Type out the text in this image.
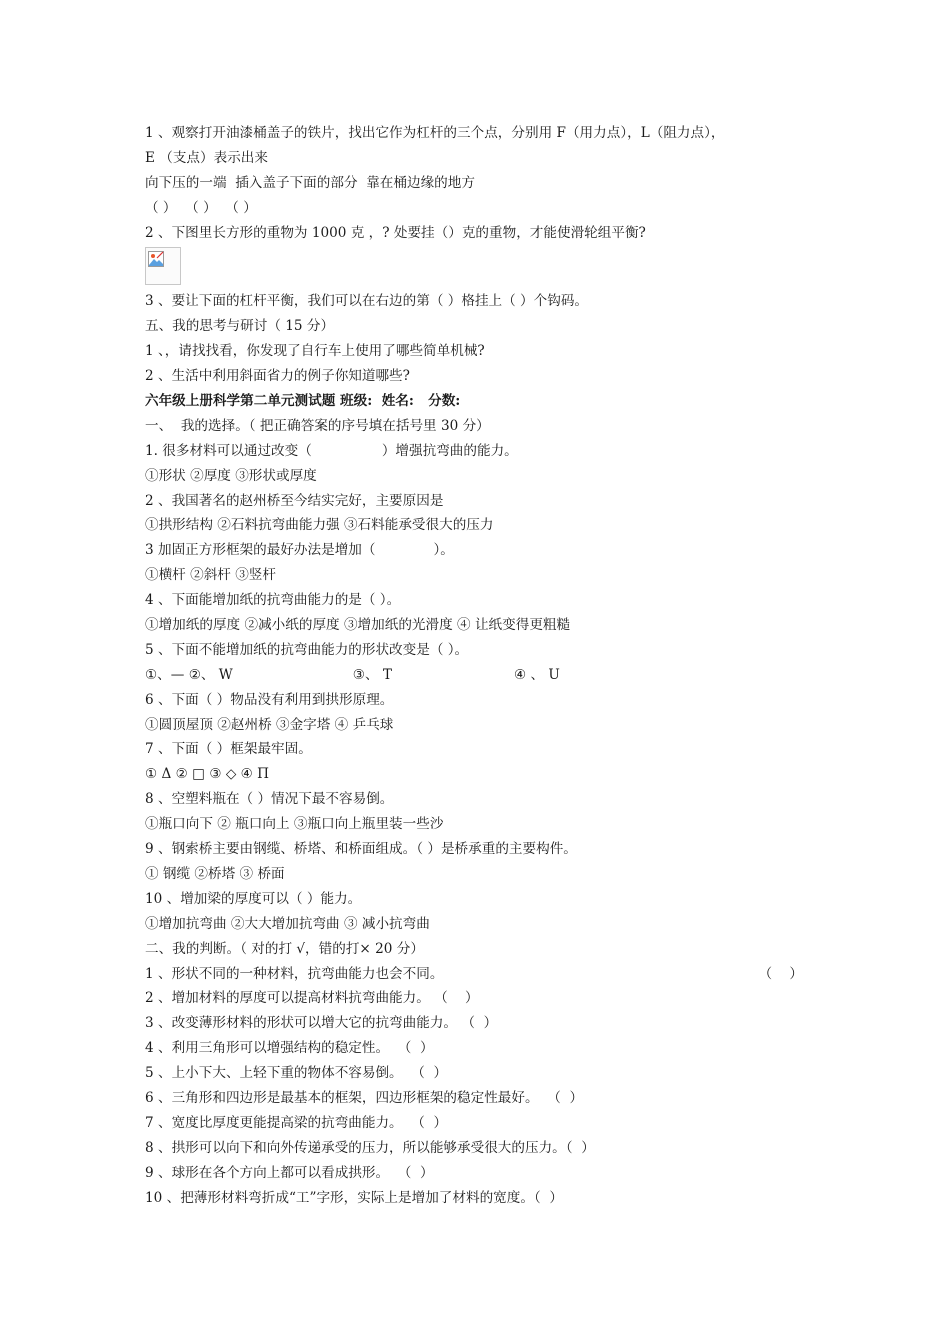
1 、观察打开油漆桶盖子的铁片，找出它作为杠杆的三个点，分别用 F（用力点），L（阻力点），
E （支点）表示出来
向下压的一端  插入盖子下面的部分  靠在桶边缘的地方
（ ）  （ ）  （ ）
2 、下图里长方形的重物为 1000 克 ，? 处要挂（）克的重物，才能使滑轮组平衡?
3 、要让下面的杠杆平衡，我们可以在右边的第（ ）格挂上（ ）个钩码。
五、我的思考与研讨（ 15 分）
1 、，请找找看，你发现了自行车上使用了哪些简单机械?
2 、生活中利用斜面省力的例子你知道哪些?
六年级上册科学第二单元测试题 班级:  姓名:   分数:
一、  我的选择。（ 把正确答案的序号填在括号里 30 分）
1. 很多材料可以通过改变（	）增强抗弯曲的能力。
①形状 ②厚度 ③形状或厚度
2 、我国著名的赵州桥至今结实完好，主要原因是
①拱形结构 ②石料抗弯曲能力强 ③石料能承受很大的压力
3 加固正方形框架的最好办法是增加（	）。
①横杆 ②斜杆 ③竖杆
4 、下面能增加纸的抗弯曲能力的是（ ）。
①增加纸的厚度 ②减小纸的厚度 ③增加纸的光滑度 ④ 让纸变得更粗糙
5 、下面不能增加纸的抗弯曲能力的形状改变是（ ）。
①、— ②、 W	③、 T	④ 、 U
6 、下面（ ）物品没有利用到拱形原理。
①圆顶屋顶 ②赵州桥 ③金字塔 ④ 乒乓球
7 、下面（ ）框架最牢固。
① Δ ② □ ③ ◇ ④ Π
8 、空塑料瓶在（ ）情况下最不容易倒。
①瓶口向下 ② 瓶口向上 ③瓶口向上瓶里装一些沙
9 、钢索桥主要由钢缆、桥塔、和桥面组成。（ ）是桥承重的主要构件。
① 钢缆 ②桥塔 ③ 桥面
10 、增加梁的厚度可以（ ）能力。
①增加抗弯曲 ②大大增加抗弯曲 ③ 减小抗弯曲
二、我的判断。（ 对的打 √，错的打× 20 分）
1 、形状不同的一种材料，抗弯曲能力也会不同。	（    ）
2 、增加材料的厚度可以提高材料抗弯曲能力。 （    ）
3 、改变薄形材料的形状可以增大它的抗弯曲能力。 （  ）
4 、利用三角形可以增强结构的稳定性。  （  ）
5 、上小下大、上轻下重的物体不容易倒。  （  ）
6 、三角形和四边形是最基本的框架，四边形框架的稳定性最好。  （  ）
7 、宽度比厚度更能提高梁的抗弯曲能力。  （  ）
8 、拱形可以向下和向外传递承受的压力，所以能够承受很大的压力。（  ）
9 、球形在各个方向上都可以看成拱形。  （  ）
10 、把薄形材料弯折成“工”字形，实际上是增加了材料的宽度。（  ）
